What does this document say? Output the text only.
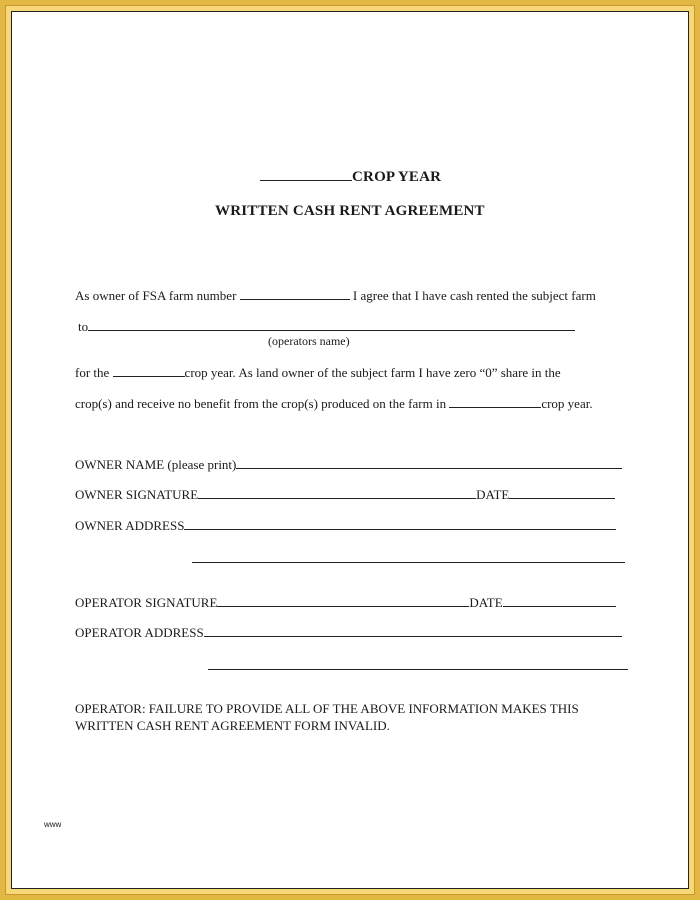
CROP YEAR
WRITTEN CASH RENT AGREEMENT
As owner of FSA farm number	I agree that I have cash rented the subject farm
to
(operators name)
for the	crop year. As land owner of the subject farm I have zero “0” share in the
crop(s) and receive no benefit from the crop(s) produced on the farm in	crop year.
OWNER NAME (please print)
OWNER SIGNATURE	DATE
OWNER ADDRESS
OPERATOR SIGNATURE	DATE
OPERATOR ADDRESS
OPERATOR: FAILURE TO PROVIDE ALL OF THE ABOVE INFORMATION MAKES THIS
WRITTEN CASH RENT AGREEMENT FORM INVALID.
www
